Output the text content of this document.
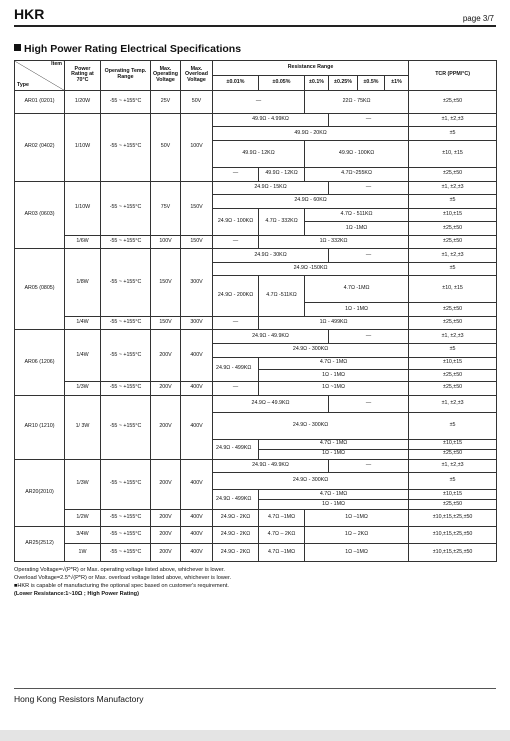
HKR	page 3/7
High Power Rating Electrical Specifications
Item
Type	Power Rating at 70°C	Operating Temp. Range	Max. Operating Voltage	Max. Overload Voltage	Resistance Range						TCR (PPM/°C)
					±0.01%	±0.05%	±0.1%	±0.25%	±0.5%	±1%	
AR01 (0201)	1/20W	-55 ~ +155°C	25V	50V	—		22Ω - 75KΩ				±25,±50
AR02 (0402)	1/10W	-55 ~ +155°C	50V	100V	49.9Ω - 4.99KΩ			—			±1, ±2,±3
					49.9Ω - 20KΩ						±5
					49.9Ω - 12KΩ		49.9Ω - 100KΩ				±10, ±15
					—	49.9Ω - 12KΩ	4.7Ω~255KΩ				±25,±50
AR03 (0603)	1/10W	-55 ~ +155°C	75V	150V	24.9Ω - 15KΩ			—			±1, ±2,±3
					24.9Ω - 60KΩ						±5
					24.9Ω - 100KΩ	4.7Ω - 332KΩ	4.7Ω - 511KΩ				±10,±15
							1Ω -1MΩ				±25,±50
	1/6W	-55 ~ +155°C	100V	150V	—	1Ω - 332KΩ					±25,±50
AR05 (0805)	1/8W	-55 ~ +155°C	150V	300V	24.9Ω - 30KΩ			—			±1, ±2,±3
					24.9Ω -150KΩ						±5
					24.9Ω - 200KΩ	4.7Ω -511KΩ	4.7Ω -1MΩ				±10, ±15
							1Ω - 1MΩ				±25,±50
	1/4W	-55 ~ +155°C	150V	300V	—	1Ω - 499KΩ					±25,±50
AR06 (1206)	1/4W	-55 ~ +155°C	200V	400V	24.9Ω - 49.9KΩ			—			±1, ±2,±3
					24.9Ω - 300KΩ						±5
					24.9Ω - 499KΩ	4.7Ω - 1MΩ					±10,±15
						1Ω - 1MΩ					±25,±50
	1/3W	-55 ~ +155°C	200V	400V	—	1Ω ~1MΩ					±25,±50
AR10 (1210)	1/ 3W	-55 ~ +155°C	200V	400V	24.9Ω – 49.9KΩ			—			±1, ±2,±3
					24.9Ω - 300KΩ						±5
					24.9Ω - 499KΩ	4.7Ω - 1MΩ					±10,±15
						1Ω - 1MΩ					±25,±50
AR20(2010)	1/3W	-55 ~ +155°C	200V	400V	24.9Ω - 49.9KΩ			—			±1, ±2,±3
					24.9Ω - 300KΩ						±5
					24.9Ω - 499KΩ	4.7Ω - 1MΩ					±10,±15
						1Ω - 1MΩ					±25,±50
	1/2W	-55 ~ +155°C	200V	400V	24.9Ω - 2KΩ	4.7Ω –1MΩ	1Ω –1MΩ				±10,±15,±25,±50
AR25(2512)	3/4W	-55 ~ +155°C	200V	400V	24.9Ω - 2KΩ	4.7Ω – 2KΩ	1Ω – 2KΩ				±10,±15,±25,±50
	1W	-55 ~ +155°C	200V	400V	24.9Ω - 2KΩ	4.7Ω –1MΩ	1Ω –1MΩ				±10,±15,±25,±50
Operating Voltage=√(P*R) or Max. operating voltage listed above, whichever is lower.
Overload Voltage=2.5*√(P*R) or Max. overload voltage listed above, whichever is lower.
■HKR is capable of manufacturing the optional spec based on customer's requirement.
(Lower Resistance:1~10Ω ; High Power Rating)
Hong Kong Resistors Manufactory
